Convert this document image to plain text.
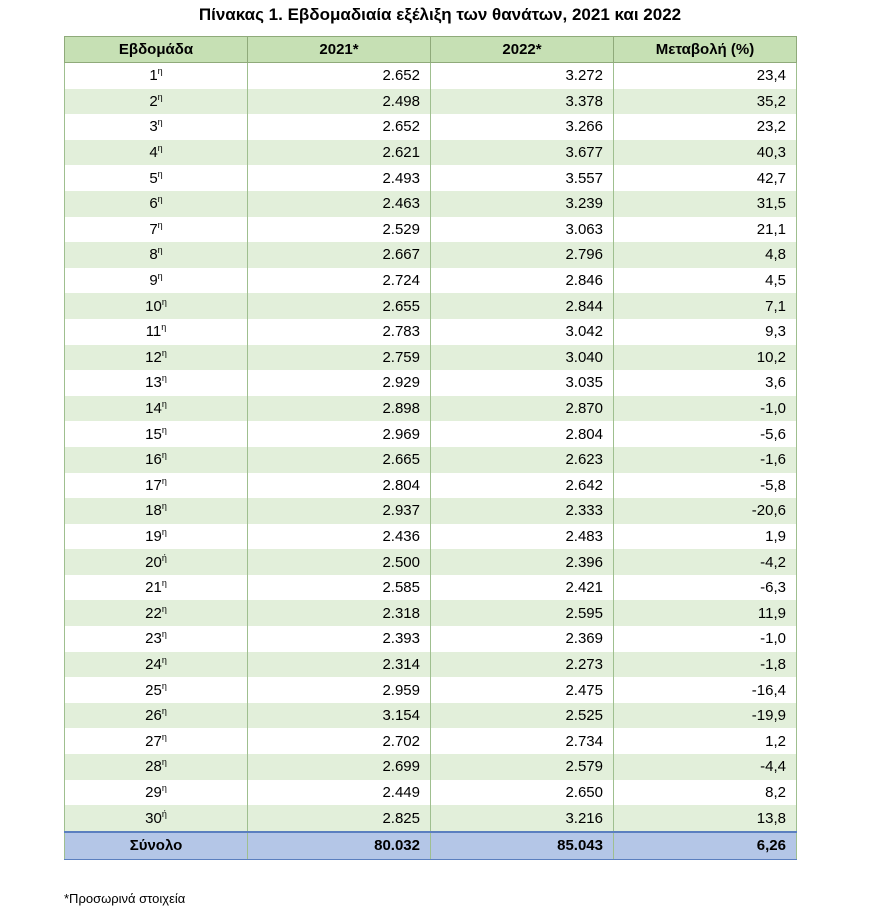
Πίνακας 1. Εβδομαδιαία εξέλιξη των θανάτων, 2021 και 2022
Εβδομάδα	2021*	2022*	Μεταβολή (%)
$1^\eta$	2.652	3.272	23,4
$2^\eta$	2.498	3.378	35,2
$3^\eta$	2.652	3.266	23,2
$4^\eta$	2.621	3.677	40,3
$5^\eta$	2.493	3.557	42,7
$6^\eta$	2.463	3.239	31,5
$7^\eta$	2.529	3.063	21,1
$8^\eta$	2.667	2.796	4,8
$9^\eta$	2.724	2.846	4,5
$10^\eta$	2.655	2.844	7,1
$11^\eta$	2.783	3.042	9,3
$12^\eta$	2.759	3.040	10,2
$13^\eta$	2.929	3.035	3,6
$14^\eta$	2.898	2.870	-1,0
$15^\eta$	2.969	2.804	-5,6
$16^\eta$	2.665	2.623	-1,6
$17^\eta$	2.804	2.642	-5,8
$18^\eta$	2.937	2.333	-20,6
$19^\eta$	2.436	2.483	1,9
$20^ή$	2.500	2.396	-4,2
$21^\eta$	2.585	2.421	-6,3
$22^\eta$	2.318	2.595	11,9
$23^\eta$	2.393	2.369	-1,0
$24^\eta$	2.314	2.273	-1,8
$25^\eta$	2.959	2.475	-16,4
$26^\eta$	3.154	2.525	-19,9
$27^\eta$	2.702	2.734	1,2
$28^\eta$	2.699	2.579	-4,4
$29^\eta$	2.449	2.650	8,2
$30^ή$	2.825	3.216	13,8
Σύνολο	80.032	85.043	6,26
*Προσωρινά στοιχεία
